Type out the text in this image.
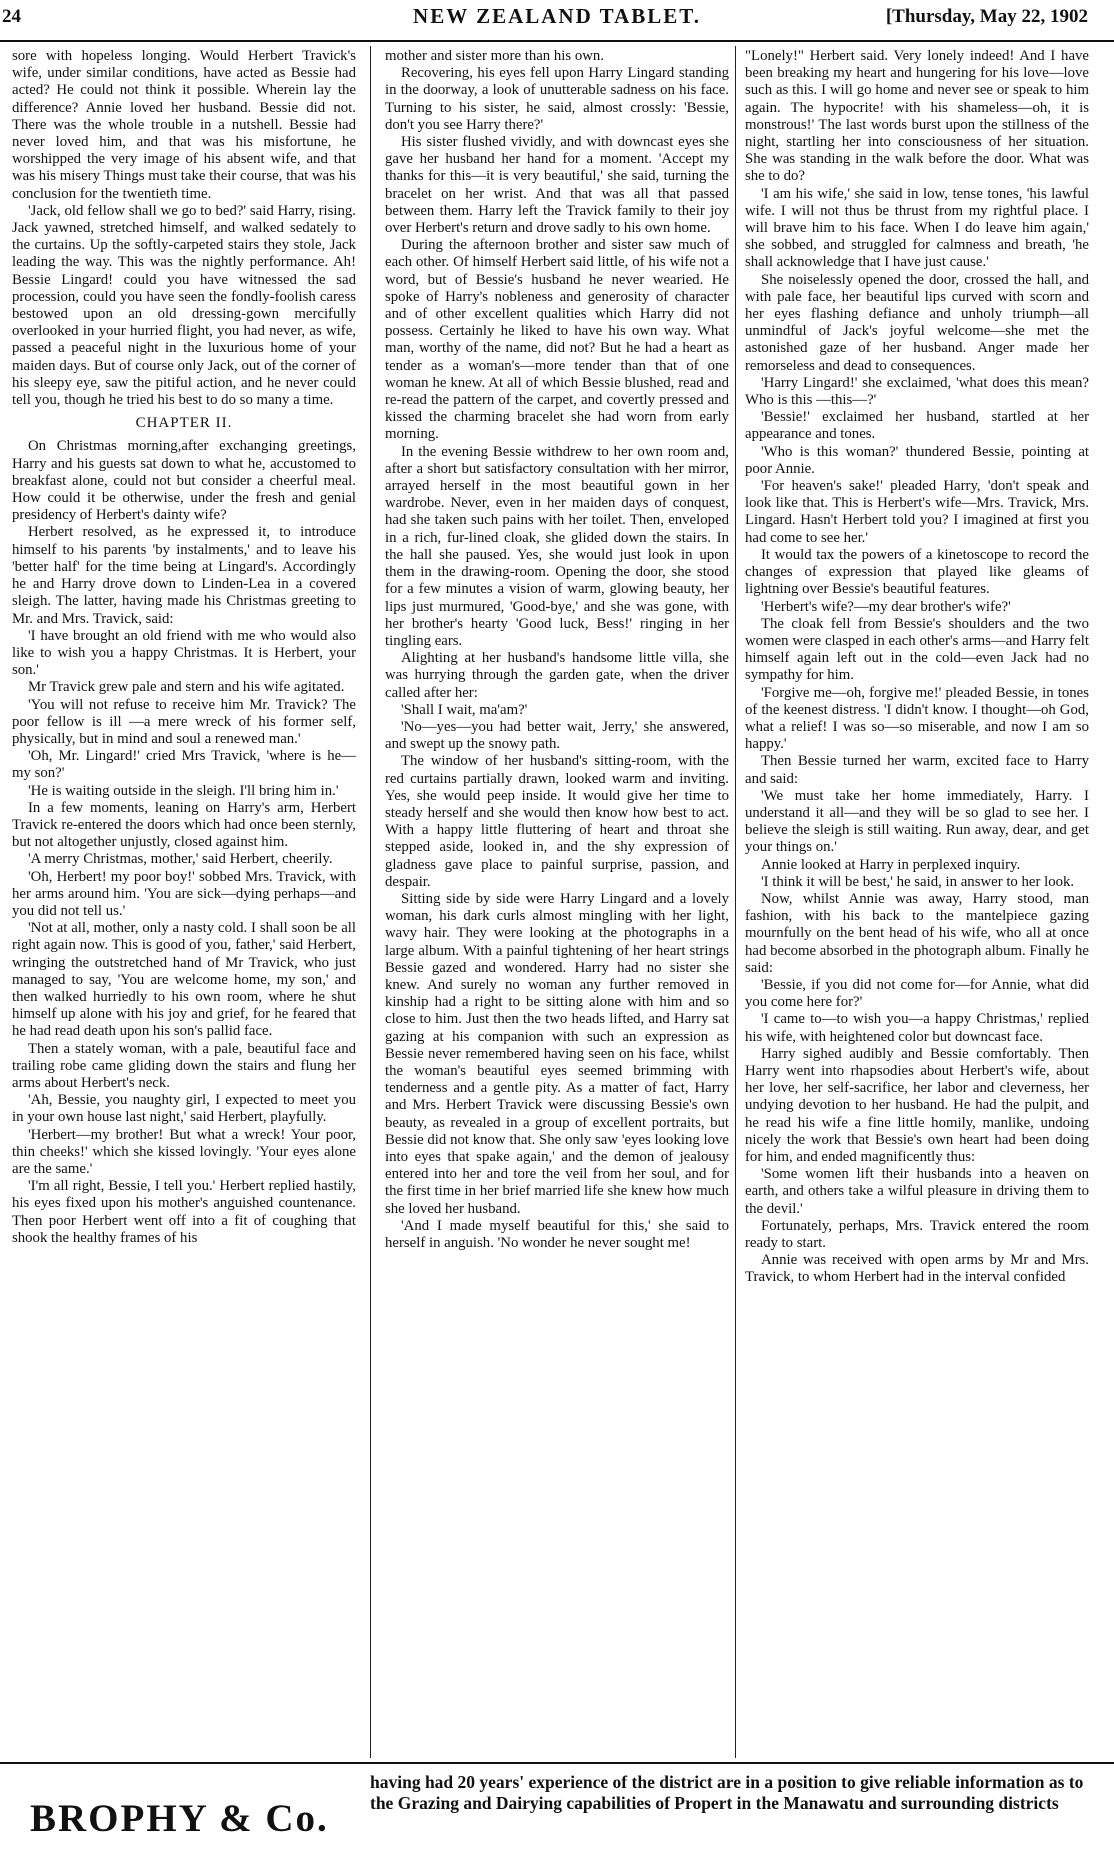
24	NEW ZEALAND TABLET.	[Thursday, May 22, 1902

sore with hopeless longing. Would Herbert Travick's wife, under similar conditions, have acted as Bessie had acted? He could not think it possible. Wherein lay the difference? Annie loved her husband. Bessie did not. There was the whole trouble in a nutshell. Bessie had never loved him, and that was his misfortune, he worshipped the very image of his absent wife, and that was his misery Things must take their course, that was his conclusion for the twentieth time.

'Jack, old fellow shall we go to bed?' said Harry, rising. Jack yawned, stretched himself, and walked sedately to the curtains. Up the softly-carpeted stairs they stole, Jack leading the way. This was the nightly performance. Ah! Bessie Lingard! could you have witnessed the sad procession, could you have seen the fondly-foolish caress bestowed upon an old dressing-gown mercifully overlooked in your hurried flight, you had never, as wife, passed a peaceful night in the luxurious home of your maiden days. But of course only Jack, out of the corner of his sleepy eye, saw the pitiful action, and he never could tell you, though he tried his best to do so many a time.

CHAPTER II.

On Christmas morning,after exchanging greetings, Harry and his guests sat down to what he, accustomed to breakfast alone, could not but consider a cheerful meal. How could it be otherwise, under the fresh and genial presidency of Herbert's dainty wife?

Herbert resolved, as he expressed it, to introduce himself to his parents 'by instalments,' and to leave his 'better half' for the time being at Lingard's. Accordingly he and Harry drove down to Linden-Lea in a covered sleigh. The latter, having made his Christmas greeting to Mr. and Mrs. Travick, said:

'I have brought an old friend with me who would also like to wish you a happy Christmas. It is Herbert, your son.'

Mr Travick grew pale and stern and his wife agitated.

'You will not refuse to receive him Mr. Travick? The poor fellow is ill —a mere wreck of his former self, physically, but in mind and soul a renewed man.'

'Oh, Mr. Lingard!' cried Mrs Travick, 'where is he—my son?'

'He is waiting outside in the sleigh. I'll bring him in.'

In a few moments, leaning on Harry's arm, Herbert Travick re-entered the doors which had once been sternly, but not altogether unjustly, closed against him.

'A merry Christmas, mother,' said Herbert, cheerily.

'Oh, Herbert! my poor boy!' sobbed Mrs. Travick, with her arms around him. 'You are sick—dying perhaps—and you did not tell us.'

'Not at all, mother, only a nasty cold. I shall soon be all right again now. This is good of you, father,' said Herbert, wringing the outstretched hand of Mr Travick, who just managed to say, 'You are welcome home, my son,' and then walked hurriedly to his own room, where he shut himself up alone with his joy and grief, for he feared that he had read death upon his son's pallid face.

Then a stately woman, with a pale, beautiful face and trailing robe came gliding down the stairs and flung her arms about Herbert's neck.

'Ah, Bessie, you naughty girl, I expected to meet you in your own house last night,' said Herbert, playfully.

'Herbert—my brother! But what a wreck! Your poor, thin cheeks!' which she kissed lovingly. 'Your eyes alone are the same.'

'I'm all right, Bessie, I tell you.' Herbert replied hastily, his eyes fixed upon his mother's anguished countenance. Then poor Herbert went off into a fit of coughing that shook the healthy frames of his

mother and sister more than his own.

Recovering, his eyes fell upon Harry Lingard standing in the doorway, a look of unutterable sadness on his face. Turning to his sister, he said, almost crossly: 'Bessie, don't you see Harry there?'

His sister flushed vividly, and with downcast eyes she gave her husband her hand for a moment. 'Accept my thanks for this—it is very beautiful,' she said, turning the bracelet on her wrist. And that was all that passed between them. Harry left the Travick family to their joy over Herbert's return and drove sadly to his own home.

During the afternoon brother and sister saw much of each other. Of himself Herbert said little, of his wife not a word, but of Bessie's husband he never wearied. He spoke of Harry's nobleness and generosity of character and of other excellent qualities which Harry did not possess. Certainly he liked to have his own way. What man, worthy of the name, did not? But he had a heart as tender as a woman's—more tender than that of one woman he knew. At all of which Bessie blushed, read and re-read the pattern of the carpet, and covertly pressed and kissed the charming bracelet she had worn from early morning.

In the evening Bessie withdrew to her own room and, after a short but satisfactory consultation with her mirror, arrayed herself in the most beautiful gown in her wardrobe. Never, even in her maiden days of conquest, had she taken such pains with her toilet. Then, enveloped in a rich, fur-lined cloak, she glided down the stairs. In the hall she paused. Yes, she would just look in upon them in the drawing-room. Opening the door, she stood for a few minutes a vision of warm, glowing beauty, her lips just murmured, 'Good-bye,' and she was gone, with her brother's hearty 'Good luck, Bess!' ringing in her tingling ears.

Alighting at her husband's handsome little villa, she was hurrying through the garden gate, when the driver called after her:

'Shall I wait, ma'am?'

'No—yes—you had better wait, Jerry,' she answered, and swept up the snowy path.

The window of her husband's sitting-room, with the red curtains partially drawn, looked warm and inviting. Yes, she would peep inside. It would give her time to steady herself and she would then know how best to act. With a happy little fluttering of heart and throat she stepped aside, looked in, and the shy expression of gladness gave place to painful surprise, passion, and despair.

Sitting side by side were Harry Lingard and a lovely woman, his dark curls almost mingling with her light, wavy hair. They were looking at the photographs in a large album. With a painful tightening of her heart strings Bessie gazed and wondered. Harry had no sister she knew. And surely no woman any further removed in kinship had a right to be sitting alone with him and so close to him. Just then the two heads lifted, and Harry sat gazing at his companion with such an expression as Bessie never remembered having seen on his face, whilst the woman's beautiful eyes seemed brimming with tenderness and a gentle pity. As a matter of fact, Harry and Mrs. Herbert Travick were discussing Bessie's own beauty, as revealed in a group of excellent portraits, but Bessie did not know that. She only saw 'eyes looking love into eyes that spake again,' and the demon of jealousy entered into her and tore the veil from her soul, and for the first time in her brief married life she knew how much she loved her husband.

'And I made myself beautiful for this,' she said to herself in anguish. 'No wonder he never sought me!

"Lonely!" Herbert said. Very lonely indeed! And I have been breaking my heart and hungering for his love—love such as this. I will go home and never see or speak to him again. The hypocrite! with his shameless—oh, it is monstrous!' The last words burst upon the stillness of the night, startling her into consciousness of her situation. She was standing in the walk before the door. What was she to do?

'I am his wife,' she said in low, tense tones, 'his lawful wife. I will not thus be thrust from my rightful place. I will brave him to his face. When I do leave him again,' she sobbed, and struggled for calmness and breath, 'he shall acknowledge that I have just cause.'

She noiselessly opened the door, crossed the hall, and with pale face, her beautiful lips curved with scorn and her eyes flashing defiance and unholy triumph—all unmindful of Jack's joyful welcome—she met the astonished gaze of her husband. Anger made her remorseless and dead to consequences.

'Harry Lingard!' she exclaimed, 'what does this mean? Who is this —this—?'

'Bessie!' exclaimed her husband, startled at her appearance and tones.

'Who is this woman?' thundered Bessie, pointing at poor Annie.

'For heaven's sake!' pleaded Harry, 'don't speak and look like that. This is Herbert's wife—Mrs. Travick, Mrs. Lingard. Hasn't Herbert told you? I imagined at first you had come to see her.'

It would tax the powers of a kinetoscope to record the changes of expression that played like gleams of lightning over Bessie's beautiful features.

'Herbert's wife?—my dear brother's wife?'

The cloak fell from Bessie's shoulders and the two women were clasped in each other's arms—and Harry felt himself again left out in the cold—even Jack had no sympathy for him.

'Forgive me—oh, forgive me!' pleaded Bessie, in tones of the keenest distress. 'I didn't know. I thought—oh God, what a relief! I was so—so miserable, and now I am so happy.'

Then Bessie turned her warm, excited face to Harry and said:

'We must take her home immediately, Harry. I understand it all—and they will be so glad to see her. I believe the sleigh is still waiting. Run away, dear, and get your things on.'

Annie looked at Harry in perplexed inquiry.

'I think it will be best,' he said, in answer to her look.

Now, whilst Annie was away, Harry stood, man fashion, with his back to the mantelpiece gazing mournfully on the bent head of his wife, who all at once had become absorbed in the photograph album. Finally he said:

'Bessie, if you did not come for—for Annie, what did you come here for?'

'I came to—to wish you—a happy Christmas,' replied his wife, with heightened color but downcast face.

Harry sighed audibly and Bessie comfortably. Then Harry went into rhapsodies about Herbert's wife, about her love, her self-sacrifice, her labor and cleverness, her undying devotion to her husband. He had the pulpit, and he read his wife a fine little homily, manlike, undoing nicely the work that Bessie's own heart had been doing for him, and ended magnificently thus:

'Some women lift their husbands into a heaven on earth, and others take a wilful pleasure in driving them to the devil.'

Fortunately, perhaps, Mrs. Travick entered the room ready to start.

Annie was received with open arms by Mr and Mrs. Travick, to whom Herbert had in the interval confided

BROPHY & Co.
having had 20 years' experience of the district are in a position to give reliable information as to the Grazing and Dairying capabilities of Propert in the Manawatu and surrounding districts
